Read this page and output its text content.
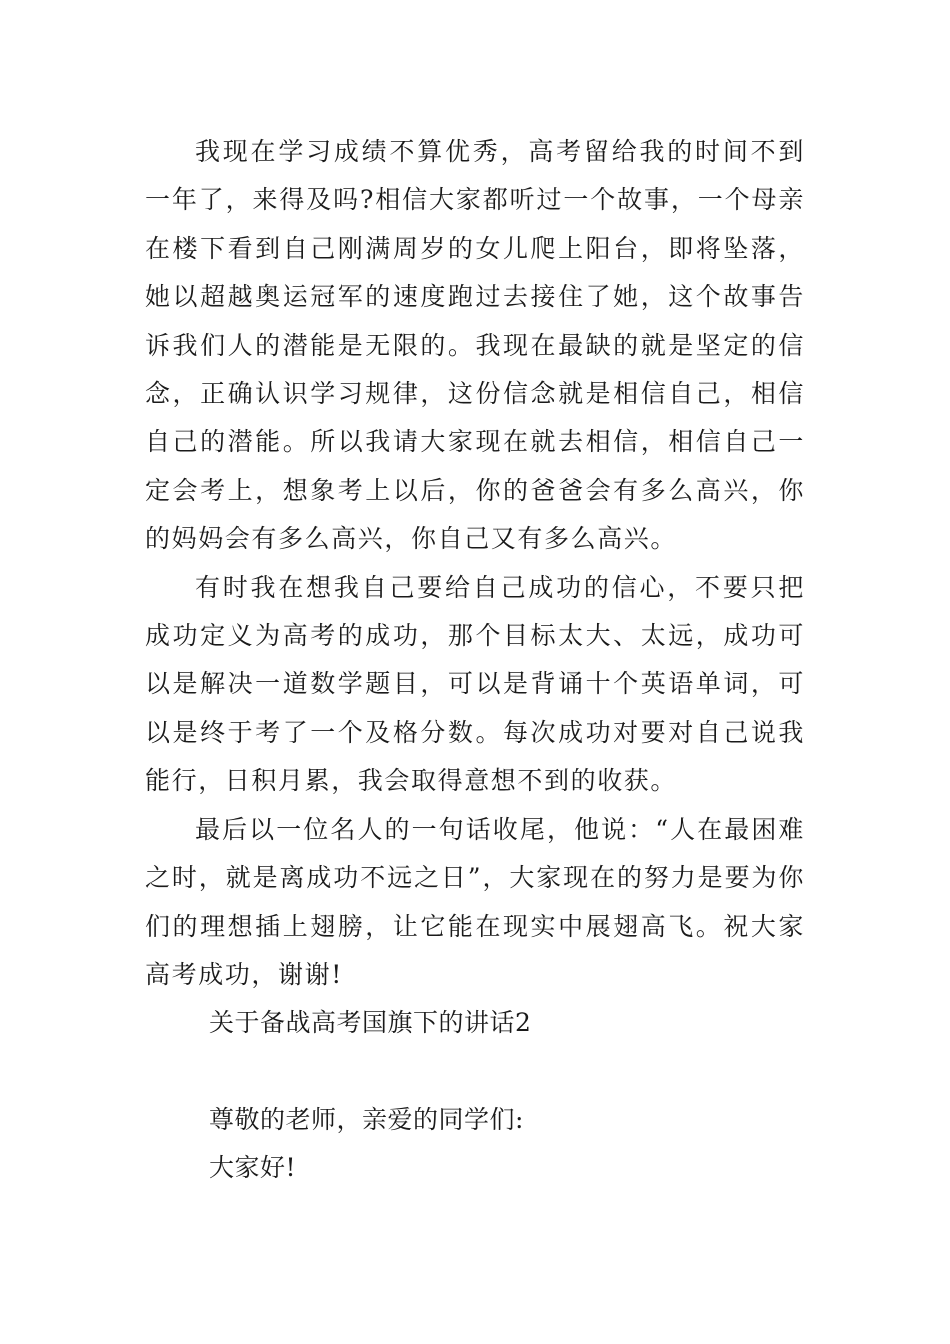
我现在学习成绩不算优秀，高考留给我的时间不到一年了，来得及吗?相信大家都听过一个故事，一个母亲在楼下看到自己刚满周岁的女儿爬上阳台，即将坠落，她以超越奥运冠军的速度跑过去接住了她，这个故事告诉我们人的潜能是无限的。我现在最缺的就是坚定的信念，正确认识学习规律，这份信念就是相信自己，相信自己的潜能。所以我请大家现在就去相信，相信自己一定会考上，想象考上以后，你的爸爸会有多么高兴，你的妈妈会有多么高兴，你自己又有多么高兴。

有时我在想我自己要给自己成功的信心，不要只把成功定义为高考的成功，那个目标太大、太远，成功可以是解决一道数学题目，可以是背诵十个英语单词，可以是终于考了一个及格分数。每次成功对要对自己说我能行，日积月累，我会取得意想不到的收获。

最后以一位名人的一句话收尾，他说：“人在最困难之时，就是离成功不远之日”，大家现在的努力是要为你们的理想插上翅膀，让它能在现实中展翅高飞。祝大家高考成功，谢谢!

关于备战高考国旗下的讲话2

尊敬的老师，亲爱的同学们:

大家好!
